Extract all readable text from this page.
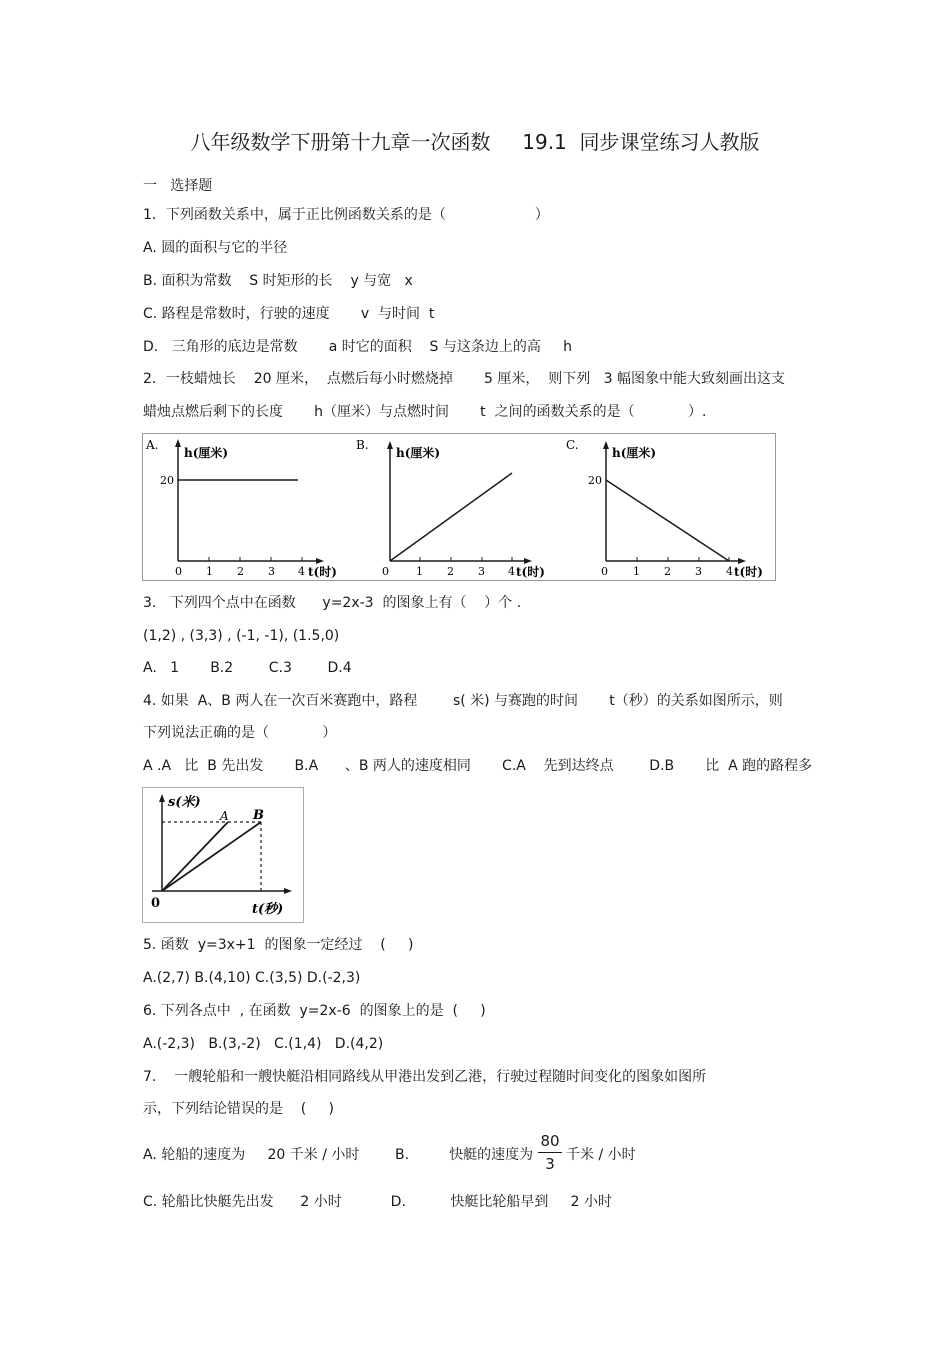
八年级数学下册第十九章一次函数     19.1  同步课堂练习人教版
一   选择题
1．下列函数关系中，属于正比例函数关系的是（                    ）
A. 圆的面积与它的半径
B. 面积为常数    S 时矩形的长    y 与宽   x
C. 路程是常数时，行驶的速度       v  与时间  t
D.   三角形的底边是常数       a 时它的面积    S 与这条边上的高     h
2．一枝蜡烛长    20 厘米，  点燃后每小时燃烧掉       5 厘米，  则下列   3 幅图象中能大致刻画出这支
蜡烛点燃后剩下的长度       h（厘米）与点燃时间       t  之间的函数关系的是（            ）.
A.
h(厘米)
20
0 1 2 3 4 t(时)
B.
h(厘米)
0 1 2 3 4 t(时)
C.
h(厘米)
20
0 1 2 3 4 t(时)
3.   下列四个点中在函数      y=2x-3  的图象上有（    ）个 .
(1,2) , (3,3) , (-1, -1), (1.5,0)
A.   1       B.2        C.3        D.4
4. 如果  A、B 两人在一次百米赛跑中，路程        s( 米) 与赛跑的时间       t（秒）的关系如图所示，则
下列说法正确的是（            ）
A .A   比  B 先出发       B.A      、B 两人的速度相同       C.A    先到达终点        D.B       比  A 跑的路程多
s(米)
A B
0	t(秒)
5. 函数  y=3x+1  的图象一定经过    (     )
A.(2,7) B.(4,10) C.(3,5) D.(-2,3)
6. 下列各点中  , 在函数  y=2x-6  的图象上的是  (     )
A.(-2,3)   B.(3,-2)   C.(1,4)   D.(4,2)
7.    一艘轮船和一艘快艇沿相同路线从甲港出发到乙港，行驶过程随时间变化的图象如图所
示，下列结论错误的是    (     )
A. 轮船的速度为     20 千米 / 小时        B.         快艇的速度为
80
3 千米 / 小时
C. 轮船比快艇先出发      2 小时           D.          快艇比轮船早到     2 小时
